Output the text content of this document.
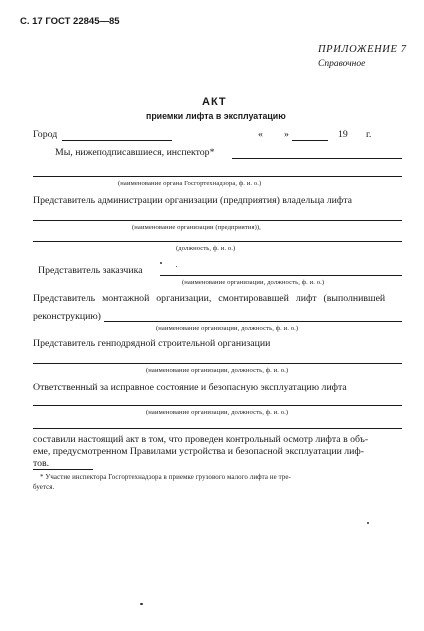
С. 17 ГОСТ 22845—85
ПРИЛОЖЕНИЕ 7
Справочное
АКТ
приемки лифта в эксплуатацию
Город	« »	19 г.
Мы, нижеподписавшиеся, инспектор*
(наименование органа Госгортехнадзора, ф. и. о.)
Представитель администрации организации (предприятия) владельца лифта
(наименование организации (предприятия)),
(должность, ф. и. о.)
Представитель заказчика
(наименование организации, должность, ф. и. о.)
Представитель монтажной организации, смонтировавшей лифт (выполнившей
реконструкцию)
(наименование организации, должность, ф. и. о.)
Представитель генподрядной строительной организации
(наименование организации, должность, ф. и. о.)
Ответственный за исправное состояние и безопасную эксплуатацию лифта
(наименование организации, должность, ф. и. о.)
составили настоящий акт в том, что проведен контрольный осмотр лифта в объ-
еме, предусмотренном Правилами устройства и безопасной эксплуатации лиф-
тов.
* Участие инспектора Госгортехнадзора в приемке грузового малого лифта не тре-
буется.
